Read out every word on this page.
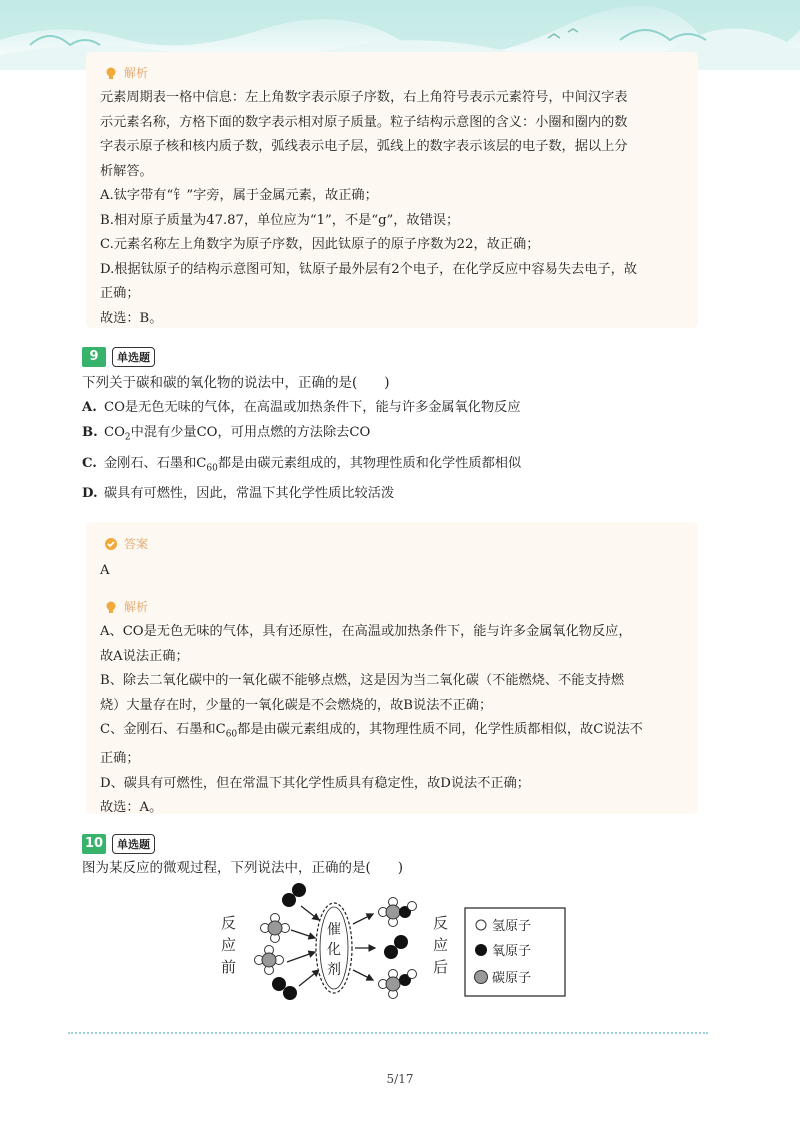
解析

元素周期表一格中信息：左上角数字表示原子序数，右上角符号表示元素符号，中间汉字表

示元素名称，方格下面的数字表示相对原子质量。粒子结构示意图的含义：小圈和圈内的数

字表示原子核和核内质子数，弧线表示电子层，弧线上的数字表示该层的电子数，据以上分

析解答。

A.钛字带有“钅”字旁，属于金属元素，故正确；

B.相对原子质量为47.87，单位应为“1”，不是“g”，故错误；

C.元素名称左上角数字为原子序数，因此钛原子的原子序数为22，故正确；

D.根据钛原子的结构示意图可知，钛原子最外层有2个电子，在化学反应中容易失去电子，故

正确；

故选：B。

9	单选题
下列关于碳和碳的氧化物的说法中，正确的是(　　)
A. CO是无色无味的气体，在高温或加热条件下，能与许多金属氧化物反应
B. $CO_2$中混有少量CO，可用点燃的方法除去CO
C. 金刚石、石墨和$C_{60}$都是由碳元素组成的，其物理性质和化学性质都相似
D. 碳具有可燃性，因此，常温下其化学性质比较活泼
答案

A

解析

A、CO是无色无味的气体，具有还原性，在高温或加热条件下，能与许多金属氧化物反应，

故A说法正确；

B、除去二氧化碳中的一氧化碳不能够点燃，这是因为当二氧化碳（不能燃烧、不能支持燃

烧）大量存在时，少量的一氧化碳是不会燃烧的，故B说法不正确；

C、金刚石、石墨和$C_{60}$都是由碳元素组成的，其物理性质不同，化学性质都相似，故C说法不

正确；

D、碳具有可燃性，但在常温下其化学性质具有稳定性，故D说法不正确；

故选：A。

10	单选题
图为某反应的微观过程，下列说法中，正确的是(　　)
反
应
前
催
化
剂
反
应
后
氢原子
氧原子
碳原子
5/17
